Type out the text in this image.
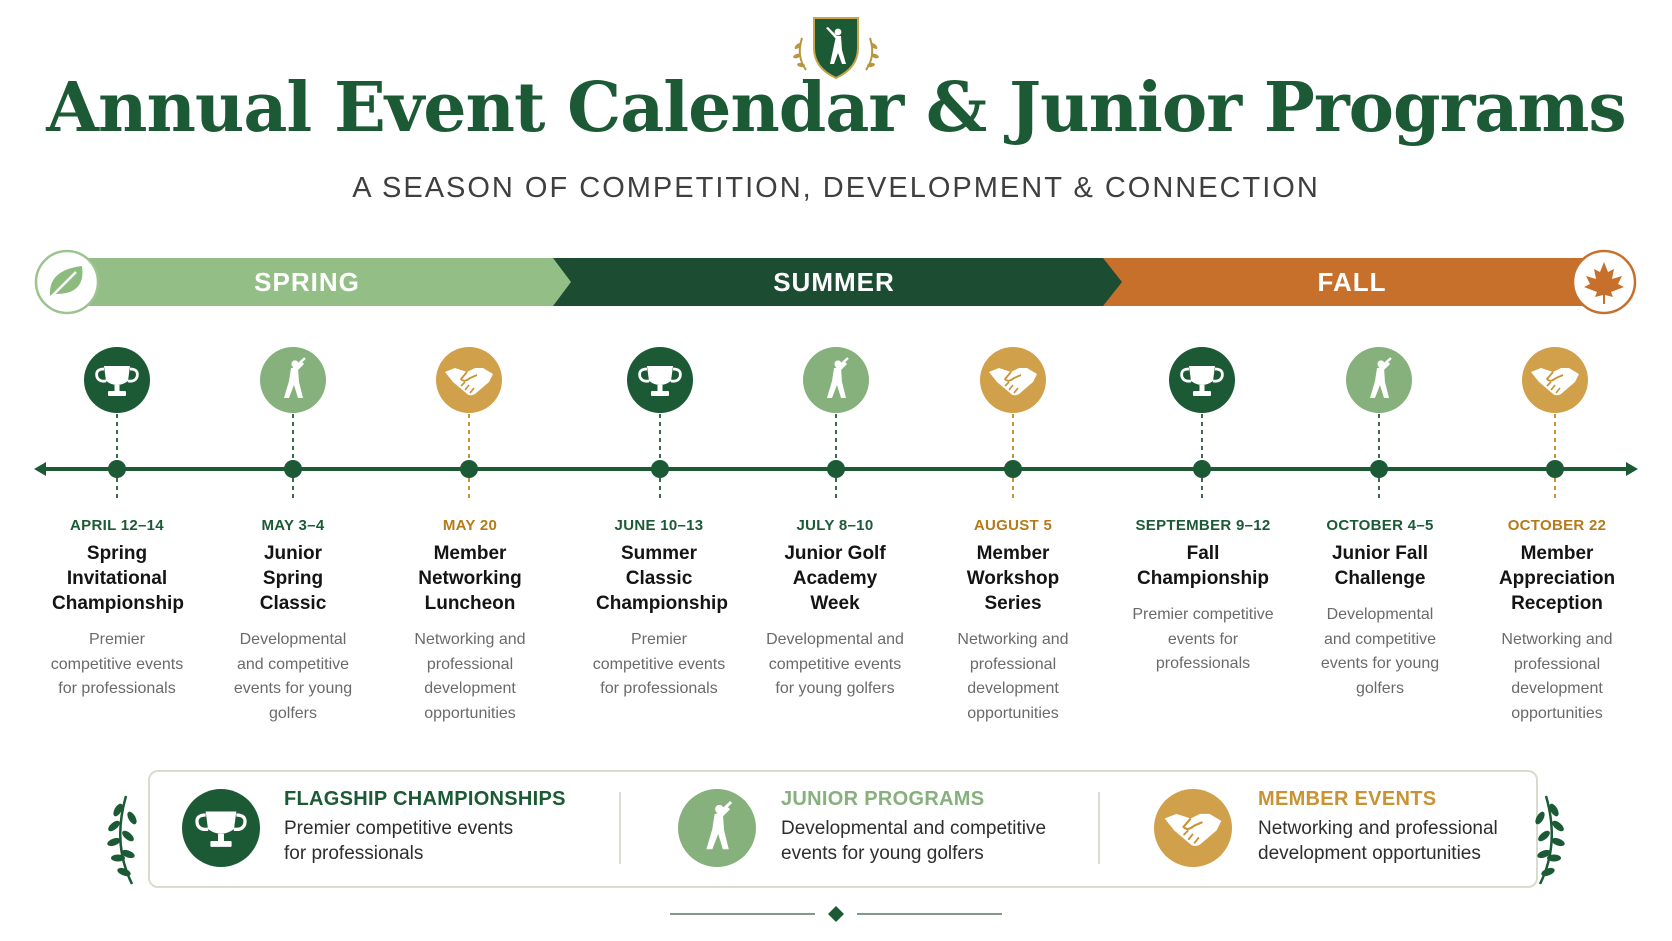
Annual Event Calendar & Junior Programs
A SEASON OF COMPETITION, DEVELOPMENT & CONNECTION
SPRING	SUMMER	FALL
APRIL 12–14
Spring Invitational Championship
Premier competitive events for professionals
MAY 3–4
Junior Spring Classic
Developmental and competitive events for young golfers
MAY 20
Member Networking Luncheon
Networking and professional development opportunities
JUNE 10–13
Summer Classic Championship
Premier competitive events for professionals
JULY 8–10
Junior Golf Academy Week
Developmental and competitive events for young golfers
AUGUST 5
Member Workshop Series
Networking and professional development opportunities
SEPTEMBER 9–12
Fall Championship
Premier competitive events for professionals
OCTOBER 4–5
Junior Fall Challenge
Developmental and competitive events for young golfers
OCTOBER 22
Member Appreciation Reception
Networking and professional development opportunities
FLAGSHIP CHAMPIONSHIPS
Premier competitive events for professionals
JUNIOR PROGRAMS
Developmental and competitive events for young golfers
MEMBER EVENTS
Networking and professional development opportunities
